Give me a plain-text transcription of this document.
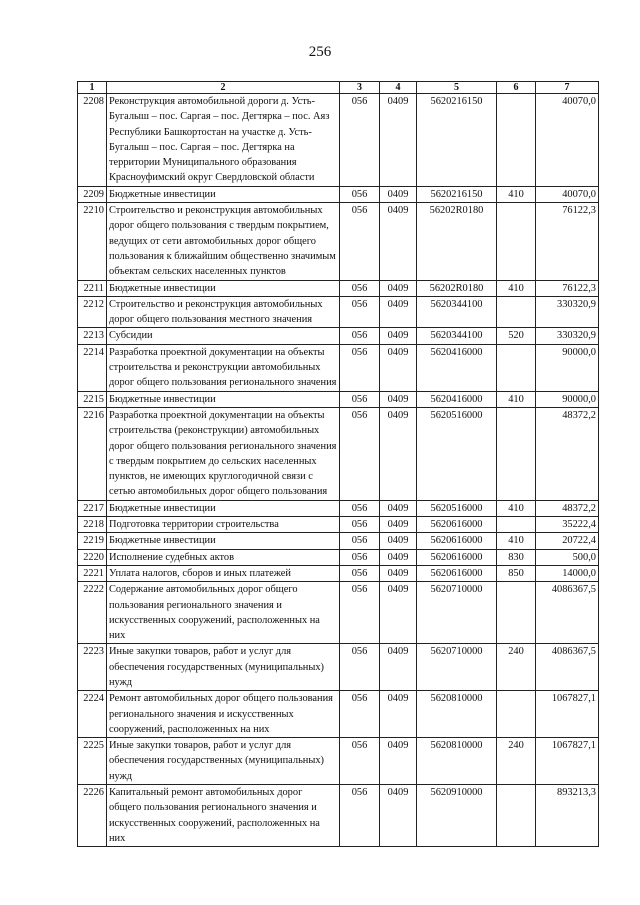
256
1	2	3	4	5	6	7
2208	Реконструкция автомобильной дороги д. Усть-Бугалыш – пос. Саргая – пос. Дегтярка – пос. Аяз Республики Башкортостан на участке д. Усть-Бугалыш – пос. Саргая – пос. Дегтярка на территории Муниципального образования Красноуфимский округ Свердловской области	056	0409	5620216150		40070,0
2209	Бюджетные инвестиции	056	0409	5620216150	410	40070,0
2210	Строительство и реконструкция автомобильных дорог общего пользования с твердым покрытием, ведущих от сети автомобильных дорог общего пользования к ближайшим общественно значимым объектам сельских населенных пунктов	056	0409	56202R0180		76122,3
2211	Бюджетные инвестиции	056	0409	56202R0180	410	76122,3
2212	Строительство и реконструкция автомобильных дорог общего пользования местного значения	056	0409	5620344100		330320,9
2213	Субсидии	056	0409	5620344100	520	330320,9
2214	Разработка проектной документации на объекты строительства и реконструкции автомобильных дорог общего пользования регионального значения	056	0409	5620416000		90000,0
2215	Бюджетные инвестиции	056	0409	5620416000	410	90000,0
2216	Разработка проектной документации на объекты строительства (реконструкции) автомобильных дорог общего пользования регионального значения с твердым покрытием до сельских населенных пунктов, не имеющих круглогодичной связи с сетью автомобильных дорог общего пользования	056	0409	5620516000		48372,2
2217	Бюджетные инвестиции	056	0409	5620516000	410	48372,2
2218	Подготовка территории строительства	056	0409	5620616000		35222,4
2219	Бюджетные инвестиции	056	0409	5620616000	410	20722,4
2220	Исполнение судебных актов	056	0409	5620616000	830	500,0
2221	Уплата налогов, сборов и иных платежей	056	0409	5620616000	850	14000,0
2222	Содержание автомобильных дорог общего пользования регионального значения и искусственных сооружений, расположенных на них	056	0409	5620710000		4086367,5
2223	Иные закупки товаров, работ и услуг для обеспечения государственных (муниципальных) нужд	056	0409	5620710000	240	4086367,5
2224	Ремонт автомобильных дорог общего пользования регионального значения и искусственных сооружений, расположенных на них	056	0409	5620810000		1067827,1
2225	Иные закупки товаров, работ и услуг для обеспечения государственных (муниципальных) нужд	056	0409	5620810000	240	1067827,1
2226	Капитальный ремонт автомобильных дорог общего пользования регионального значения и искусственных сооружений, расположенных на них	056	0409	5620910000		893213,3
